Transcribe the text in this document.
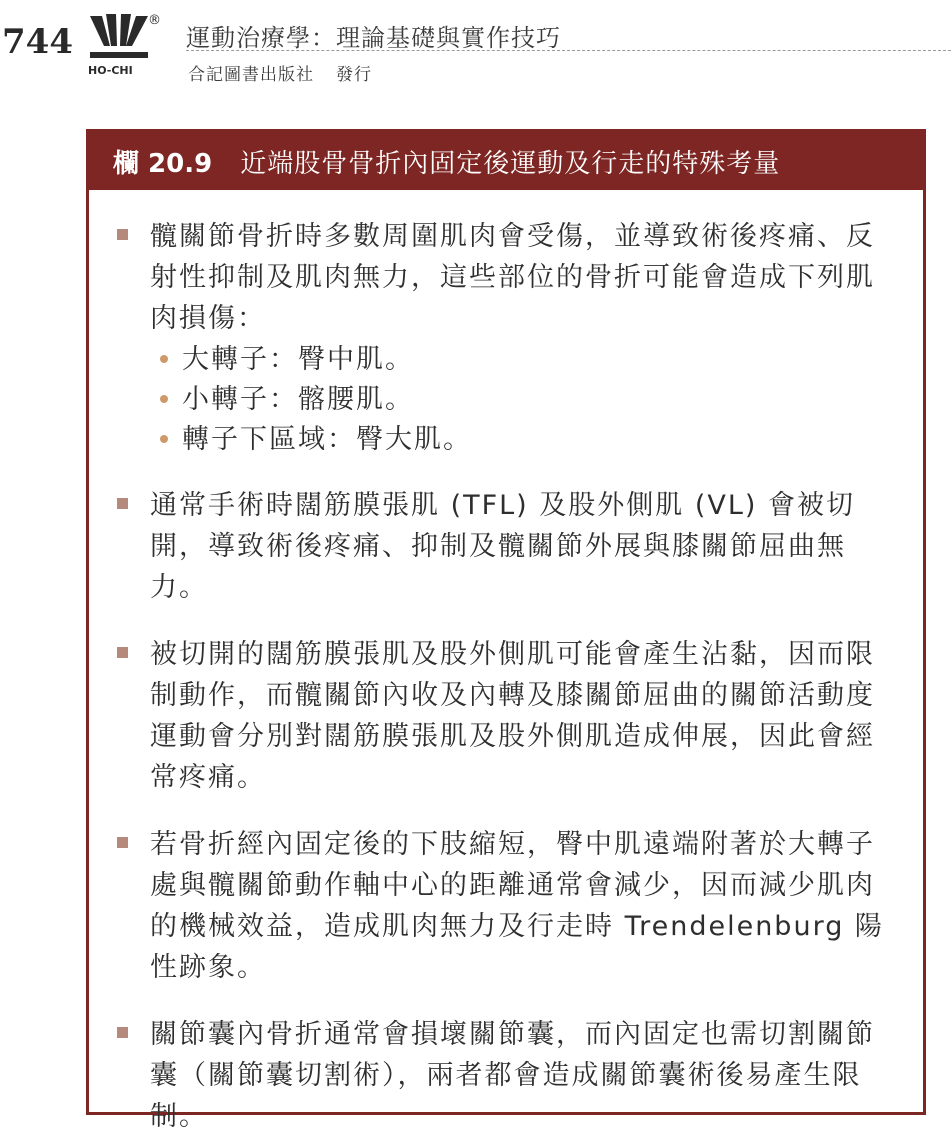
744
HO-CHI
®
運動治療學：理論基礎與實作技巧
合記圖書出版社 發行
欄 20.9 近端股骨骨折內固定後運動及行走的特殊考量
髖關節骨折時多數周圍肌肉會受傷，並導致術後疼痛、反射性抑制及肌肉無力，這些部位的骨折可能會造成下列肌肉損傷：
大轉子：臀中肌。
小轉子：髂腰肌。
轉子下區域：臀大肌。
通常手術時闊筋膜張肌 (TFL) 及股外側肌 (VL) 會被切開，導致術後疼痛、抑制及髖關節外展與膝關節屈曲無力。
被切開的闊筋膜張肌及股外側肌可能會產生沾黏，因而限制動作，而髖關節內收及內轉及膝關節屈曲的關節活動度運動會分別對闊筋膜張肌及股外側肌造成伸展，因此會經常疼痛。
若骨折經內固定後的下肢縮短，臀中肌遠端附著於大轉子處與髖關節動作軸中心的距離通常會減少，因而減少肌肉的機械效益，造成肌肉無力及行走時 Trendelenburg 陽性跡象。
關節囊內骨折通常會損壞關節囊，而內固定也需切割關節囊（關節囊切割術），兩者都會造成關節囊術後易產生限制。
